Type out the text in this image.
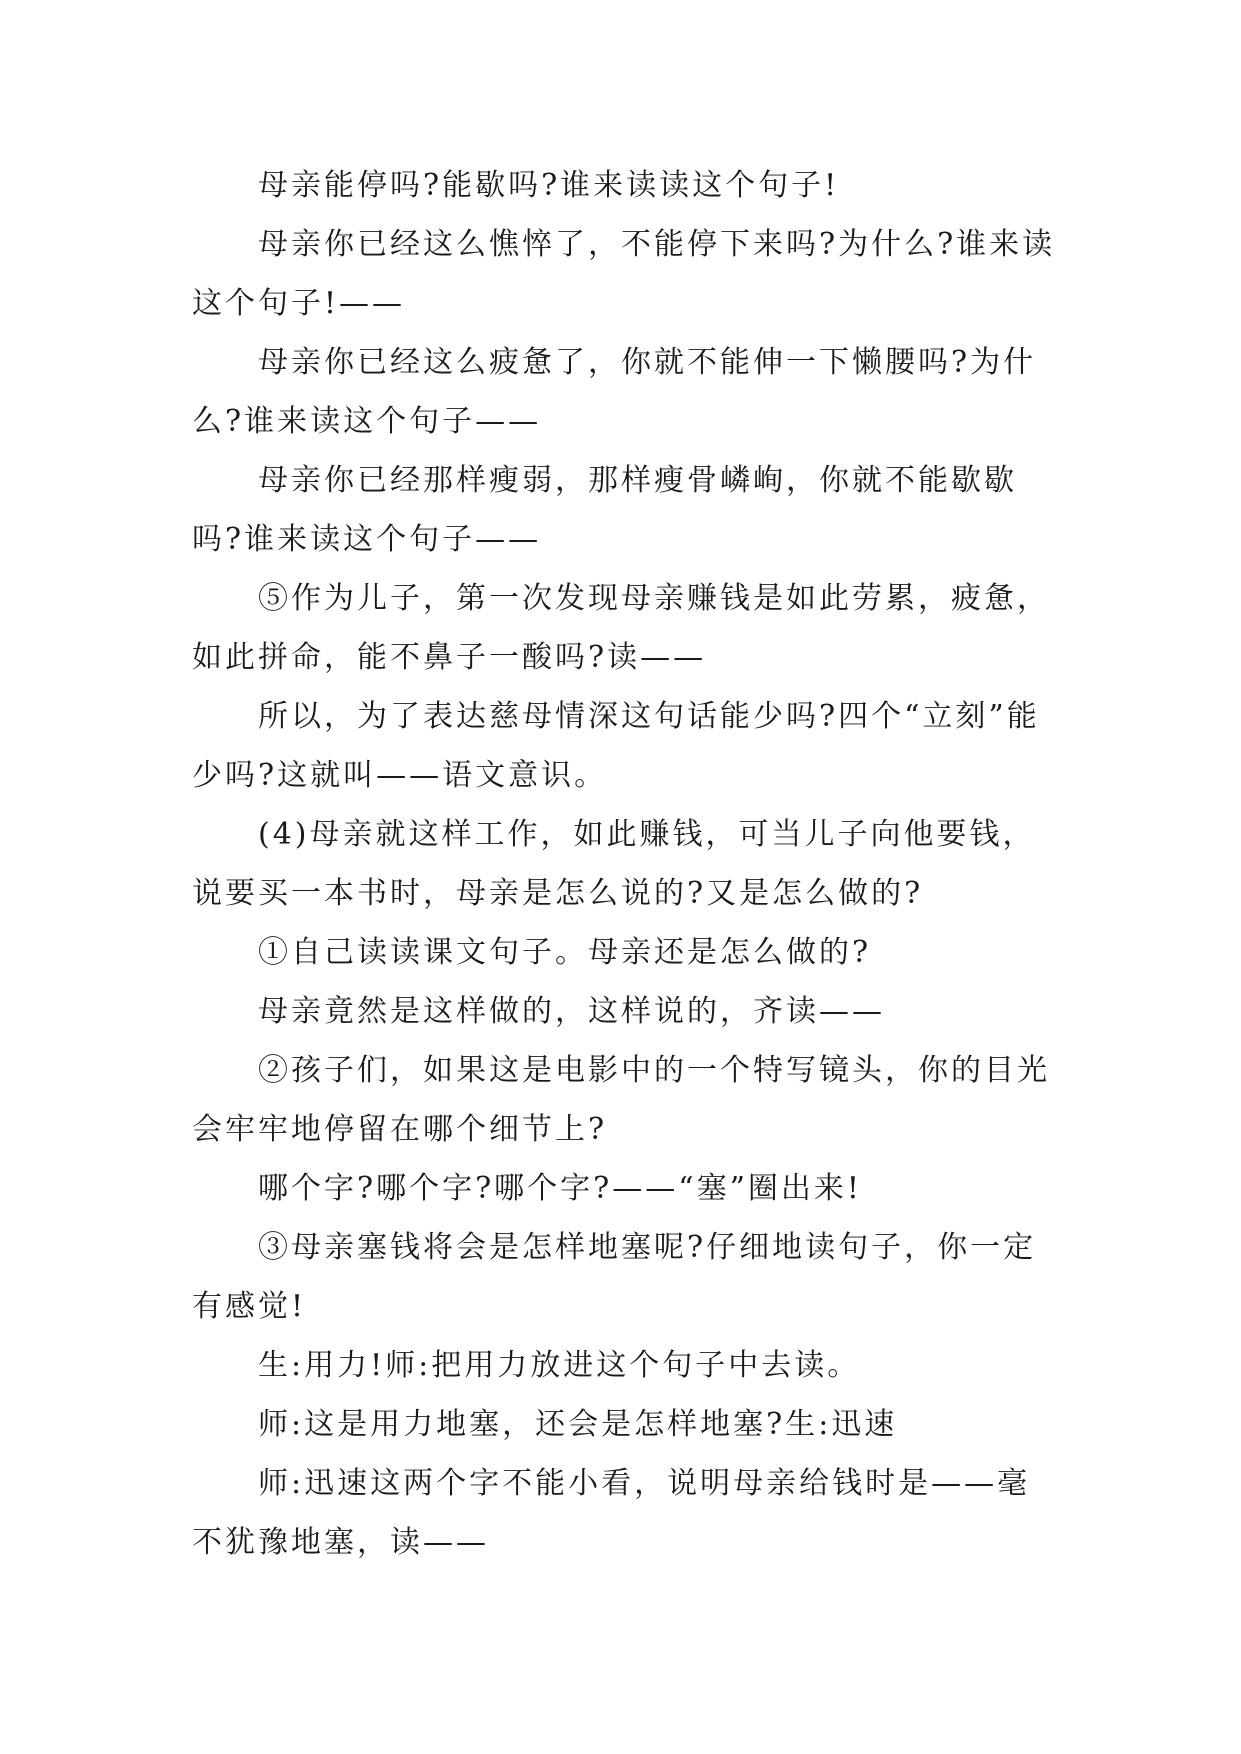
母亲能停吗?能歇吗?谁来读读这个句子!

母亲你已经这么憔悴了，不能停下来吗?为什么?谁来读这个句子!——

母亲你已经这么疲惫了，你就不能伸一下懒腰吗?为什么?谁来读这个句子——

母亲你已经那样瘦弱，那样瘦骨嶙峋，你就不能歇歇吗?谁来读这个句子——

⑤作为儿子，第一次发现母亲赚钱是如此劳累，疲惫，如此拼命，能不鼻子一酸吗?读——

所以，为了表达慈母情深这句话能少吗?四个“立刻”能少吗?这就叫——语文意识。

(4)母亲就这样工作，如此赚钱，可当儿子向他要钱，说要买一本书时，母亲是怎么说的?又是怎么做的?

①自己读读课文句子。母亲还是怎么做的?

母亲竟然是这样做的，这样说的，齐读——

②孩子们，如果这是电影中的一个特写镜头，你的目光会牢牢地停留在哪个细节上?

哪个字?哪个字?哪个字?——“塞”圈出来!

③母亲塞钱将会是怎样地塞呢?仔细地读句子，你一定有感觉!

生:用力!师:把用力放进这个句子中去读。

师:这是用力地塞，还会是怎样地塞?生:迅速

师:迅速这两个字不能小看，说明母亲给钱时是——毫不犹豫地塞，读——
